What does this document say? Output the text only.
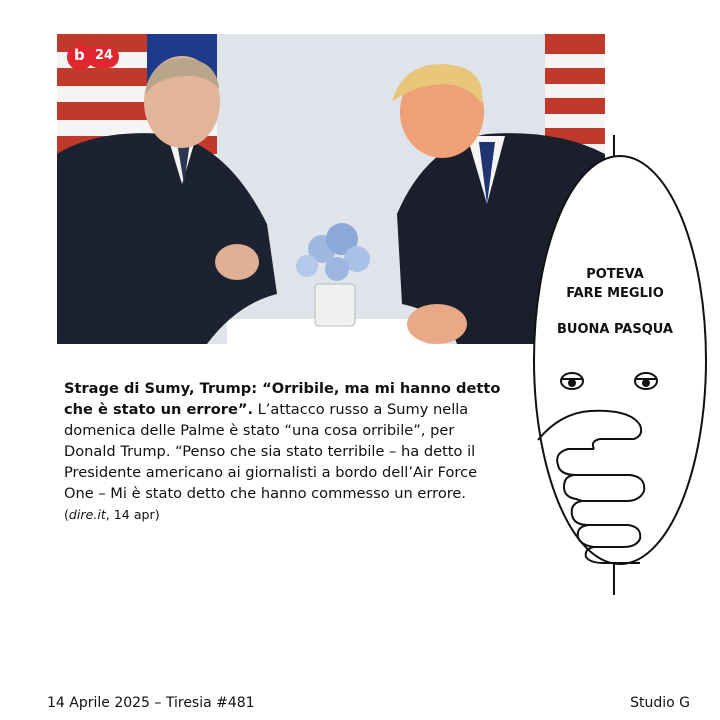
b 24
Strage di Sumy, Trump: “Orribile, ma mi hanno detto che è stato un errore”. L’attacco russo a Sumy nella domenica delle Palme è stato “una cosa orribile”, per Donald Trump. “Penso che sia stato terribile – ha detto il Presidente americano ai giornalisti a bordo dell’Air Force One – Mi è stato detto che hanno commesso un errore. (dire.it, 14 apr)
POTEVA
FARE MEGLIO
BUONA PASQUA
14 Aprile 2025 – Tiresia #481	Studio G
